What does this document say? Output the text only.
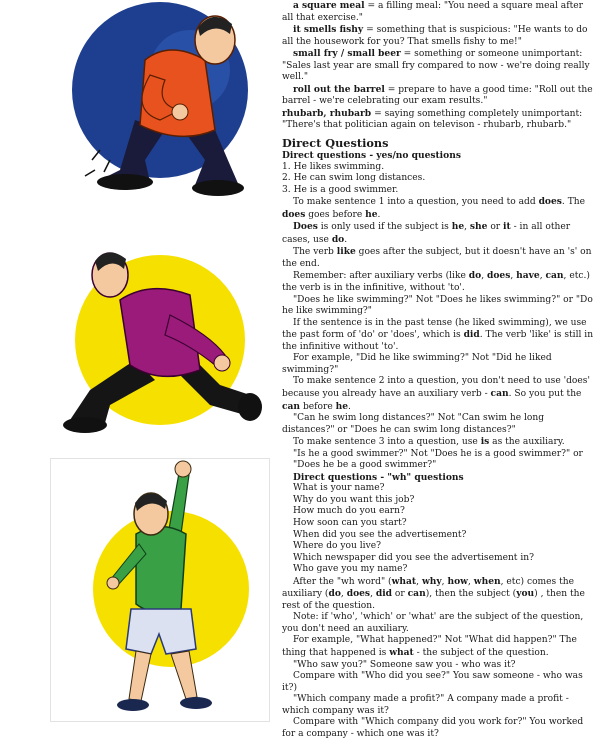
a square meal = a filling meal: "You need a square meal after all that exercise."

it smells fishy = something that is suspicious: "He wants to do all the housework for you? That smells fishy to me!"

small fry / small beer = something or someone unimportant: "Sales last year are small fry compared to now - we're doing really well."

roll out the barrel = prepare to have a good time: "Roll out the barrel - we're celebrating our exam results."

rhubarb, rhubarb = saying something completely unimportant: "There's that politician again on televison - rhubarb, rhubarb."

Direct Questions

Direct questions - yes/no questions

1. He likes swimming.

2. He can swim long distances.

3. He is a good swimmer.

To make sentence 1 into a question, you need to add does. The does goes before he.

Does is only used if the subject is he, she or it - in all other cases, use do.

The verb like goes after the subject, but it doesn't have an 's' on the end.

Remember: after auxiliary verbs (like do, does, have, can, etc.) the verb is in the infinitive, without 'to'.

"Does he like swimming?" Not "Does he likes swimming?" or "Do he like swimming?"

If the sentence is in the past tense (he liked swimming), we use the past form of 'do' or 'does', which is did. The verb 'like' is still in the infinitive without 'to'.

For example, "Did he like swimming?" Not "Did he liked swimming?"

To make sentence 2 into a question, you don't need to use 'does' because you already have an auxiliary verb - can. So you put the can before he.

"Can he swim long distances?" Not "Can swim he long distances?" or "Does he can swim long distances?"

To make sentence 3 into a question, use is as the auxiliary.

"Is he a good swimmer?" Not "Does he is a good swimmer?" or

"Does he be a good swimmer?"

Direct questions - "wh" questions

What is your name?

Why do you want this job?

How much do you earn?

How soon can you start?

When did you see the advertisement?

Where do you live?

Which newspaper did you see the advertisement in?

Who gave you my name?

After the "wh word" (what, why, how, when, etc) comes the auxiliary (do, does, did or can), then the subject (you) , then the rest of the question.

Note: if 'who', 'which' or 'what' are the subject of the question, you don't need an auxiliary.

For example, "What happened?" Not "What did happen?" The thing that happened is what - the subject of the question.

"Who saw you?" Someone saw you - who was it?

Compare with "Who did you see?" You saw someone - who was it?)

"Which company made a profit?" A company made a profit - which company was it?

Compare with "Which company did you work for?" You worked for a company - which one was it?
